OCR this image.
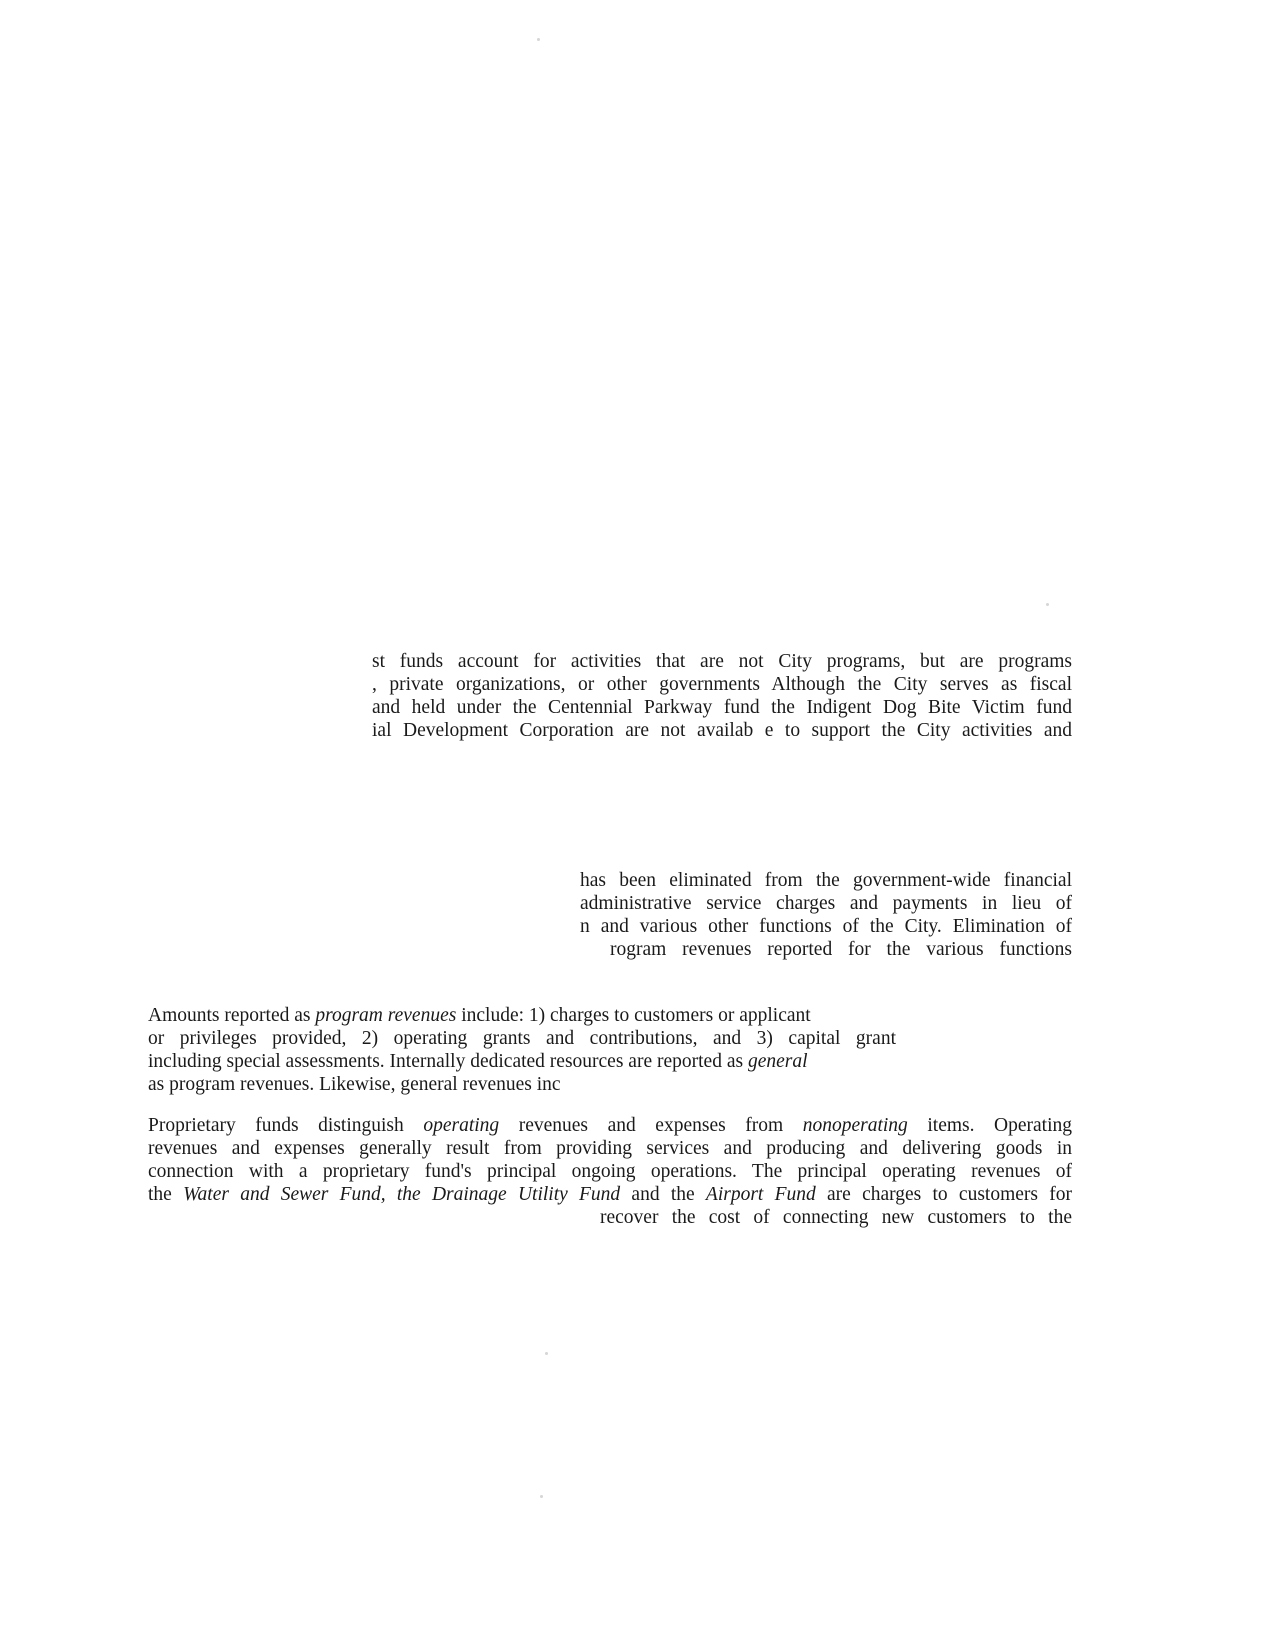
st funds account for activities that are not City programs, but are programs

, private organizations, or other governments Although the City serves as fiscal

and held under the Centennial Parkway fund the Indigent Dog Bite Victim fund

ial Development Corporation are not availab e to support the City activities and

has been eliminated from the government-wide financial

administrative service charges and payments in lieu of

n and various other functions of the City. Elimination of

rogram revenues reported for the various functions

Amounts reported as program revenues include: 1) charges to customers or applicant

or privileges provided, 2) operating grants and contributions, and 3) capital grant

including special assessments. Internally dedicated resources are reported as general

as program revenues. Likewise, general revenues inc

Proprietary funds distinguish operating revenues and expenses from nonoperating items. Operating

revenues and expenses generally result from providing services and producing and delivering goods in

connection with a proprietary fund's principal ongoing operations. The principal operating revenues of

the Water and Sewer Fund, the Drainage Utility Fund and the Airport Fund are charges to customers for

recover the cost of connecting new customers to the
